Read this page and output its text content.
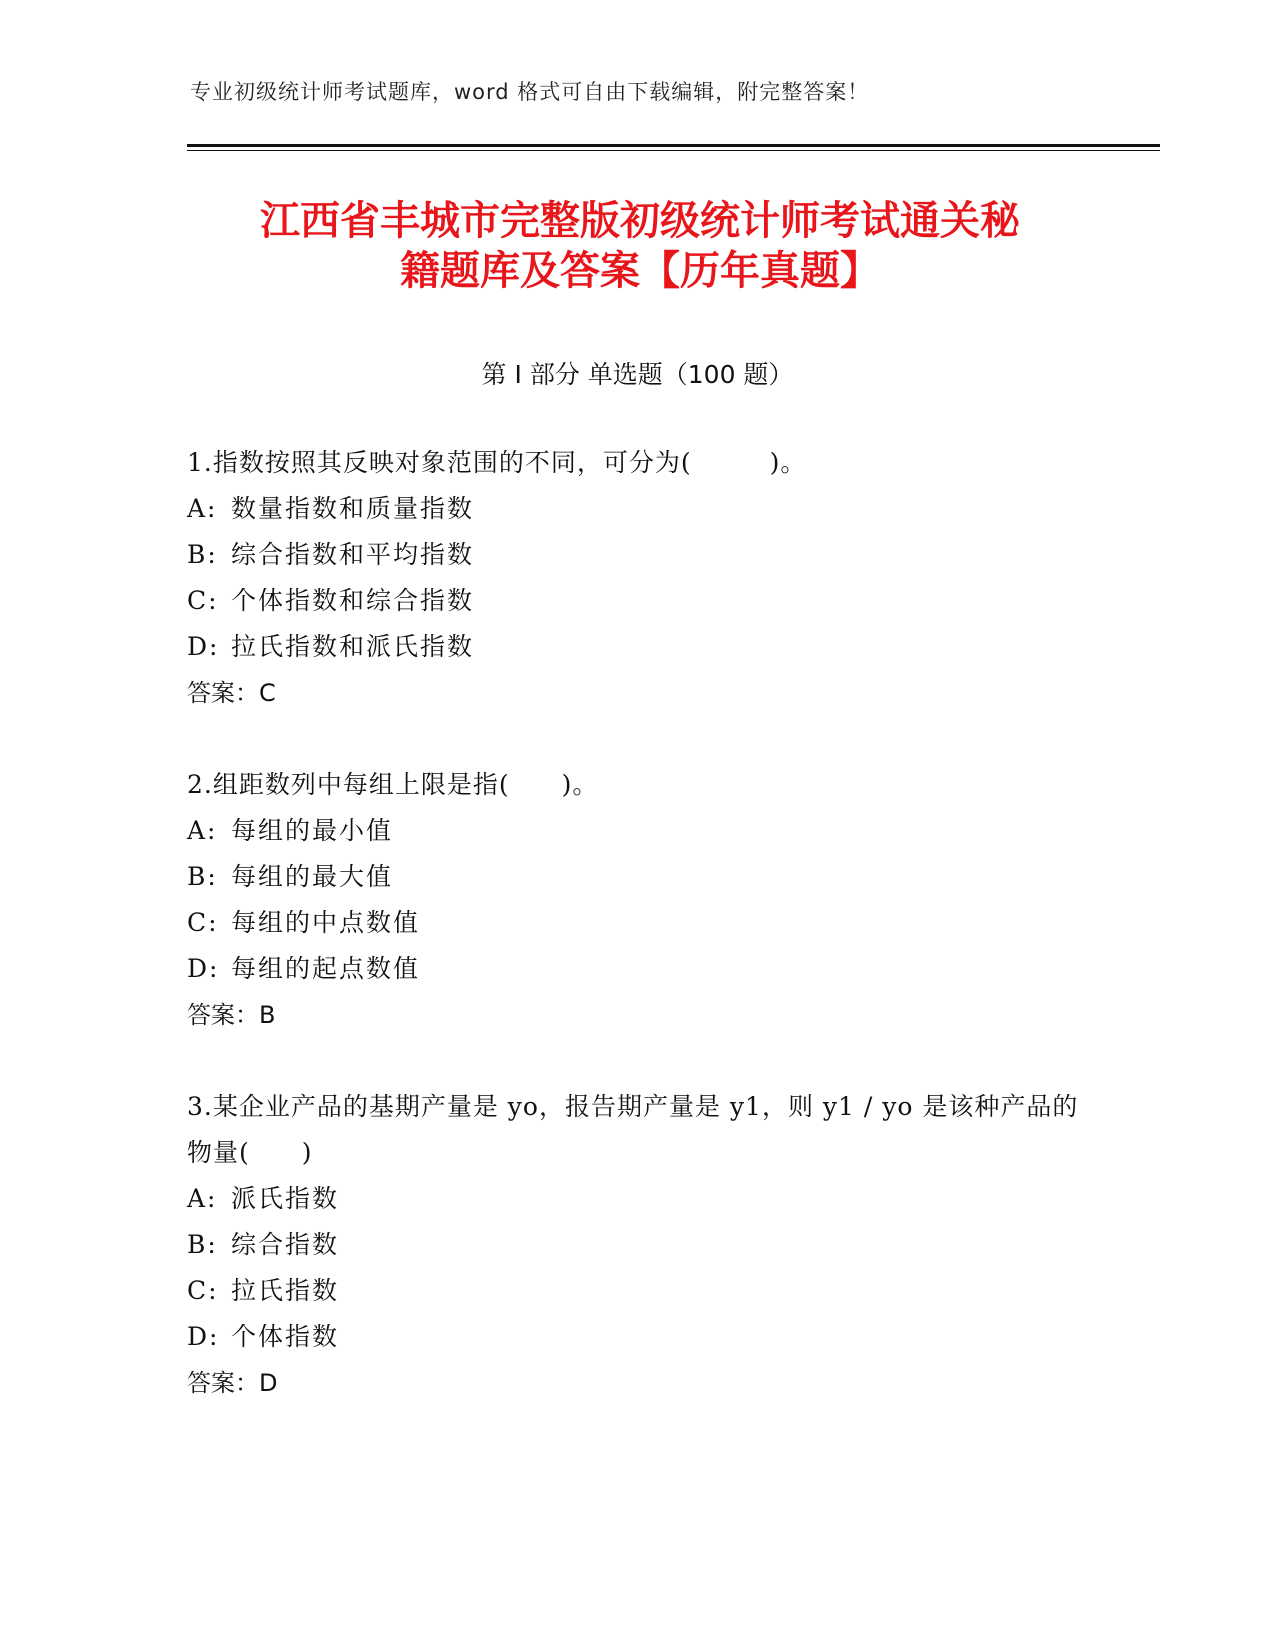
专业初级统计师考试题库，word 格式可自由下载编辑，附完整答案！
江西省丰城市完整版初级统计师考试通关秘
籍题库及答案【历年真题】
第 I 部分 单选题（100 题）
1.指数按照其反映对象范围的不同，可分为(　　　)。
A: 数量指数和质量指数
B: 综合指数和平均指数
C: 个体指数和综合指数
D: 拉氏指数和派氏指数
答案：C
2.组距数列中每组上限是指(　　)。
A: 每组的最小值
B: 每组的最大值
C: 每组的中点数值
D: 每组的起点数值
答案：B
3.某企业产品的基期产量是 yo，报告期产量是 y1，则 y1 / yo 是该种产品的物量(　　)
A: 派氏指数
B: 综合指数
C: 拉氏指数
D: 个体指数
答案：D
